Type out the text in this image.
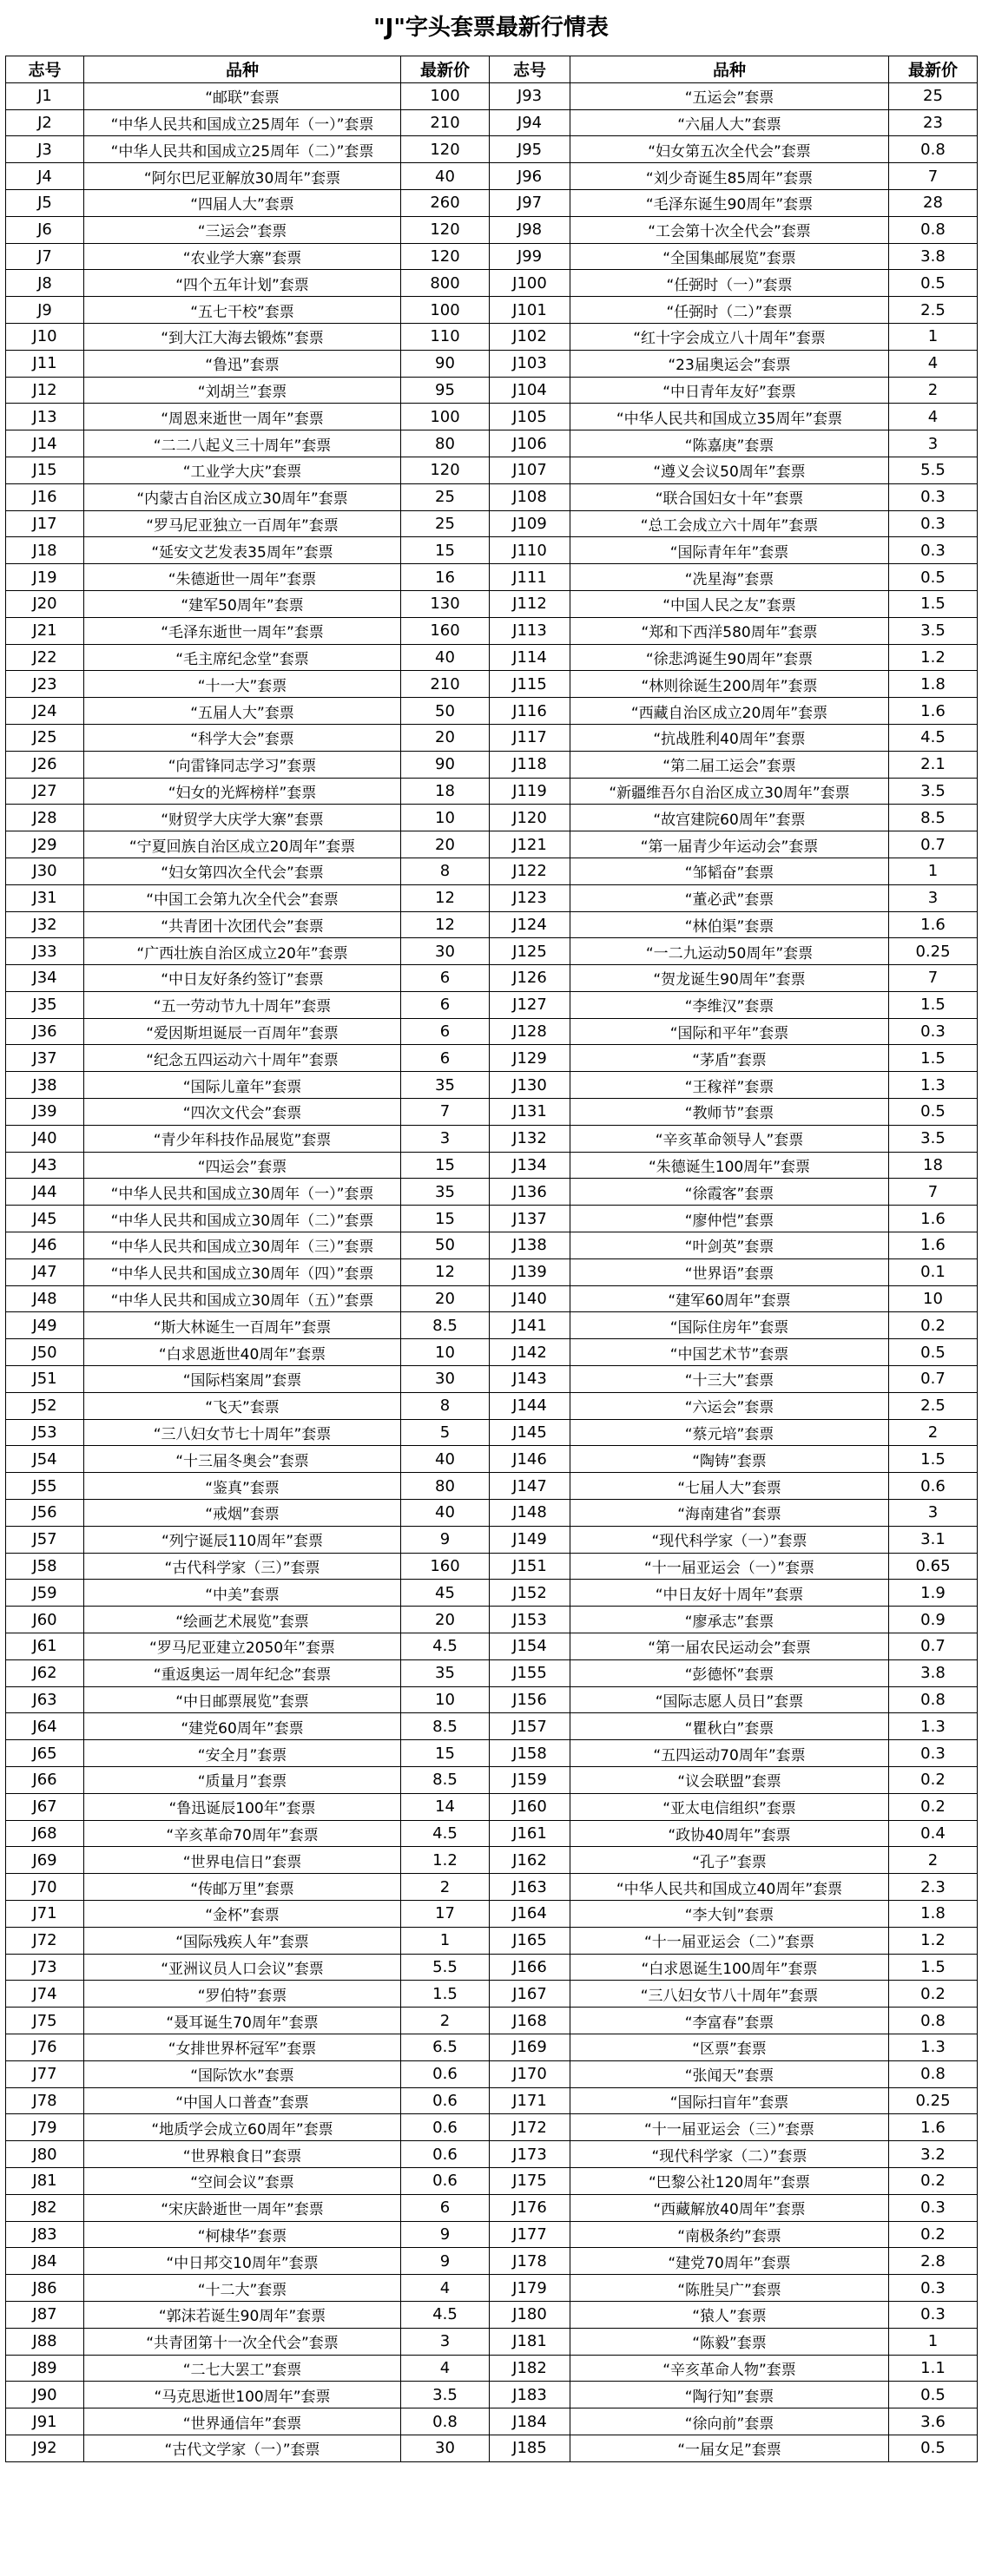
"J"字头套票最新行情表
志号	品种	最新价	志号	品种	最新价
J1	“邮联”套票	100	J93	“五运会”套票	25
J2	“中华人民共和国成立25周年（一）”套票	210	J94	“六届人大”套票	23
J3	“中华人民共和国成立25周年（二）”套票	120	J95	“妇女第五次全代会”套票	0.8
J4	“阿尔巴尼亚解放30周年”套票	40	J96	“刘少奇诞生85周年”套票	7
J5	“四届人大”套票	260	J97	“毛泽东诞生90周年”套票	28
J6	“三运会”套票	120	J98	“工会第十次全代会”套票	0.8
J7	“农业学大寨”套票	120	J99	“全国集邮展览”套票	3.8
J8	“四个五年计划”套票	800	J100	“任弼时（一）”套票	0.5
J9	“五七干校”套票	100	J101	“任弼时（二）”套票	2.5
J10	“到大江大海去锻炼”套票	110	J102	“红十字会成立八十周年”套票	1
J11	“鲁迅”套票	90	J103	“23届奥运会”套票	4
J12	“刘胡兰”套票	95	J104	“中日青年友好”套票	2
J13	“周恩来逝世一周年”套票	100	J105	“中华人民共和国成立35周年”套票	4
J14	“二二八起义三十周年”套票	80	J106	“陈嘉庚”套票	3
J15	“工业学大庆”套票	120	J107	“遵义会议50周年”套票	5.5
J16	“内蒙古自治区成立30周年”套票	25	J108	“联合国妇女十年”套票	0.3
J17	“罗马尼亚独立一百周年”套票	25	J109	“总工会成立六十周年”套票	0.3
J18	“延安文艺发表35周年”套票	15	J110	“国际青年年”套票	0.3
J19	“朱德逝世一周年”套票	16	J111	“冼星海”套票	0.5
J20	“建军50周年”套票	130	J112	“中国人民之友”套票	1.5
J21	“毛泽东逝世一周年”套票	160	J113	“郑和下西洋580周年”套票	3.5
J22	“毛主席纪念堂”套票	40	J114	“徐悲鸿诞生90周年”套票	1.2
J23	“十一大”套票	210	J115	“林则徐诞生200周年”套票	1.8
J24	“五届人大”套票	50	J116	“西藏自治区成立20周年”套票	1.6
J25	“科学大会”套票	20	J117	“抗战胜利40周年”套票	4.5
J26	“向雷锋同志学习”套票	90	J118	“第二届工运会”套票	2.1
J27	“妇女的光辉榜样”套票	18	J119	“新疆维吾尔自治区成立30周年”套票	3.5
J28	“财贸学大庆学大寨”套票	10	J120	“故宫建院60周年”套票	8.5
J29	“宁夏回族自治区成立20周年”套票	20	J121	“第一届青少年运动会”套票	0.7
J30	“妇女第四次全代会”套票	8	J122	“邹韬奋”套票	1
J31	“中国工会第九次全代会”套票	12	J123	“董必武”套票	3
J32	“共青团十次团代会”套票	12	J124	“林伯渠”套票	1.6
J33	“广西壮族自治区成立20年”套票	30	J125	“一二九运动50周年”套票	0.25
J34	“中日友好条约签订”套票	6	J126	“贺龙诞生90周年”套票	7
J35	“五一劳动节九十周年”套票	6	J127	“李维汉”套票	1.5
J36	“爱因斯坦诞辰一百周年”套票	6	J128	“国际和平年”套票	0.3
J37	“纪念五四运动六十周年”套票	6	J129	“茅盾”套票	1.5
J38	“国际儿童年”套票	35	J130	“王稼祥”套票	1.3
J39	“四次文代会”套票	7	J131	“教师节”套票	0.5
J40	“青少年科技作品展览”套票	3	J132	“辛亥革命领导人”套票	3.5
J43	“四运会”套票	15	J134	“朱德诞生100周年”套票	18
J44	“中华人民共和国成立30周年（一）”套票	35	J136	“徐霞客”套票	7
J45	“中华人民共和国成立30周年（二）”套票	15	J137	“廖仲恺”套票	1.6
J46	“中华人民共和国成立30周年（三）”套票	50	J138	“叶剑英”套票	1.6
J47	“中华人民共和国成立30周年（四）”套票	12	J139	“世界语”套票	0.1
J48	“中华人民共和国成立30周年（五）”套票	20	J140	“建军60周年”套票	10
J49	“斯大林诞生一百周年”套票	8.5	J141	“国际住房年”套票	0.2
J50	“白求恩逝世40周年”套票	10	J142	“中国艺术节”套票	0.5
J51	“国际档案周”套票	30	J143	“十三大”套票	0.7
J52	“飞天”套票	8	J144	“六运会”套票	2.5
J53	“三八妇女节七十周年”套票	5	J145	“蔡元培”套票	2
J54	“十三届冬奥会”套票	40	J146	“陶铸”套票	1.5
J55	“鉴真”套票	80	J147	“七届人大”套票	0.6
J56	“戒烟”套票	40	J148	“海南建省”套票	3
J57	“列宁诞辰110周年”套票	9	J149	“现代科学家（一）”套票	3.1
J58	“古代科学家（三）”套票	160	J151	“十一届亚运会（一）”套票	0.65
J59	“中美”套票	45	J152	“中日友好十周年”套票	1.9
J60	“绘画艺术展览”套票	20	J153	“廖承志”套票	0.9
J61	“罗马尼亚建立2050年”套票	4.5	J154	“第一届农民运动会”套票	0.7
J62	“重返奥运一周年纪念”套票	35	J155	“彭德怀”套票	3.8
J63	“中日邮票展览”套票	10	J156	“国际志愿人员日”套票	0.8
J64	“建党60周年”套票	8.5	J157	“瞿秋白”套票	1.3
J65	“安全月”套票	15	J158	“五四运动70周年”套票	0.3
J66	“质量月”套票	8.5	J159	“议会联盟”套票	0.2
J67	“鲁迅诞辰100年”套票	14	J160	“亚太电信组织”套票	0.2
J68	“辛亥革命70周年”套票	4.5	J161	“政协40周年”套票	0.4
J69	“世界电信日”套票	1.2	J162	“孔子”套票	2
J70	“传邮万里”套票	2	J163	“中华人民共和国成立40周年”套票	2.3
J71	“金杯”套票	17	J164	“李大钊”套票	1.8
J72	“国际残疾人年”套票	1	J165	“十一届亚运会（二）”套票	1.2
J73	“亚洲议员人口会议”套票	5.5	J166	“白求恩诞生100周年”套票	1.5
J74	“罗伯特”套票	1.5	J167	“三八妇女节八十周年”套票	0.2
J75	“聂耳诞生70周年”套票	2	J168	“李富春”套票	0.8
J76	“女排世界杯冠军”套票	6.5	J169	“区票”套票	1.3
J77	“国际饮水”套票	0.6	J170	“张闻天”套票	0.8
J78	“中国人口普查”套票	0.6	J171	“国际扫盲年”套票	0.25
J79	“地质学会成立60周年”套票	0.6	J172	“十一届亚运会（三）”套票	1.6
J80	“世界粮食日”套票	0.6	J173	“现代科学家（二）”套票	3.2
J81	“空间会议”套票	0.6	J175	“巴黎公社120周年”套票	0.2
J82	“宋庆龄逝世一周年”套票	6	J176	“西藏解放40周年”套票	0.3
J83	“柯棣华”套票	9	J177	“南极条约”套票	0.2
J84	“中日邦交10周年”套票	9	J178	“建党70周年”套票	2.8
J86	“十二大”套票	4	J179	“陈胜吴广”套票	0.3
J87	“郭沫若诞生90周年”套票	4.5	J180	“猿人”套票	0.3
J88	“共青团第十一次全代会”套票	3	J181	“陈毅”套票	1
J89	“二七大罢工”套票	4	J182	“辛亥革命人物”套票	1.1
J90	“马克思逝世100周年”套票	3.5	J183	“陶行知”套票	0.5
J91	“世界通信年”套票	0.8	J184	“徐向前”套票	3.6
J92	“古代文学家（一）”套票	30	J185	“一届女足”套票	0.5
